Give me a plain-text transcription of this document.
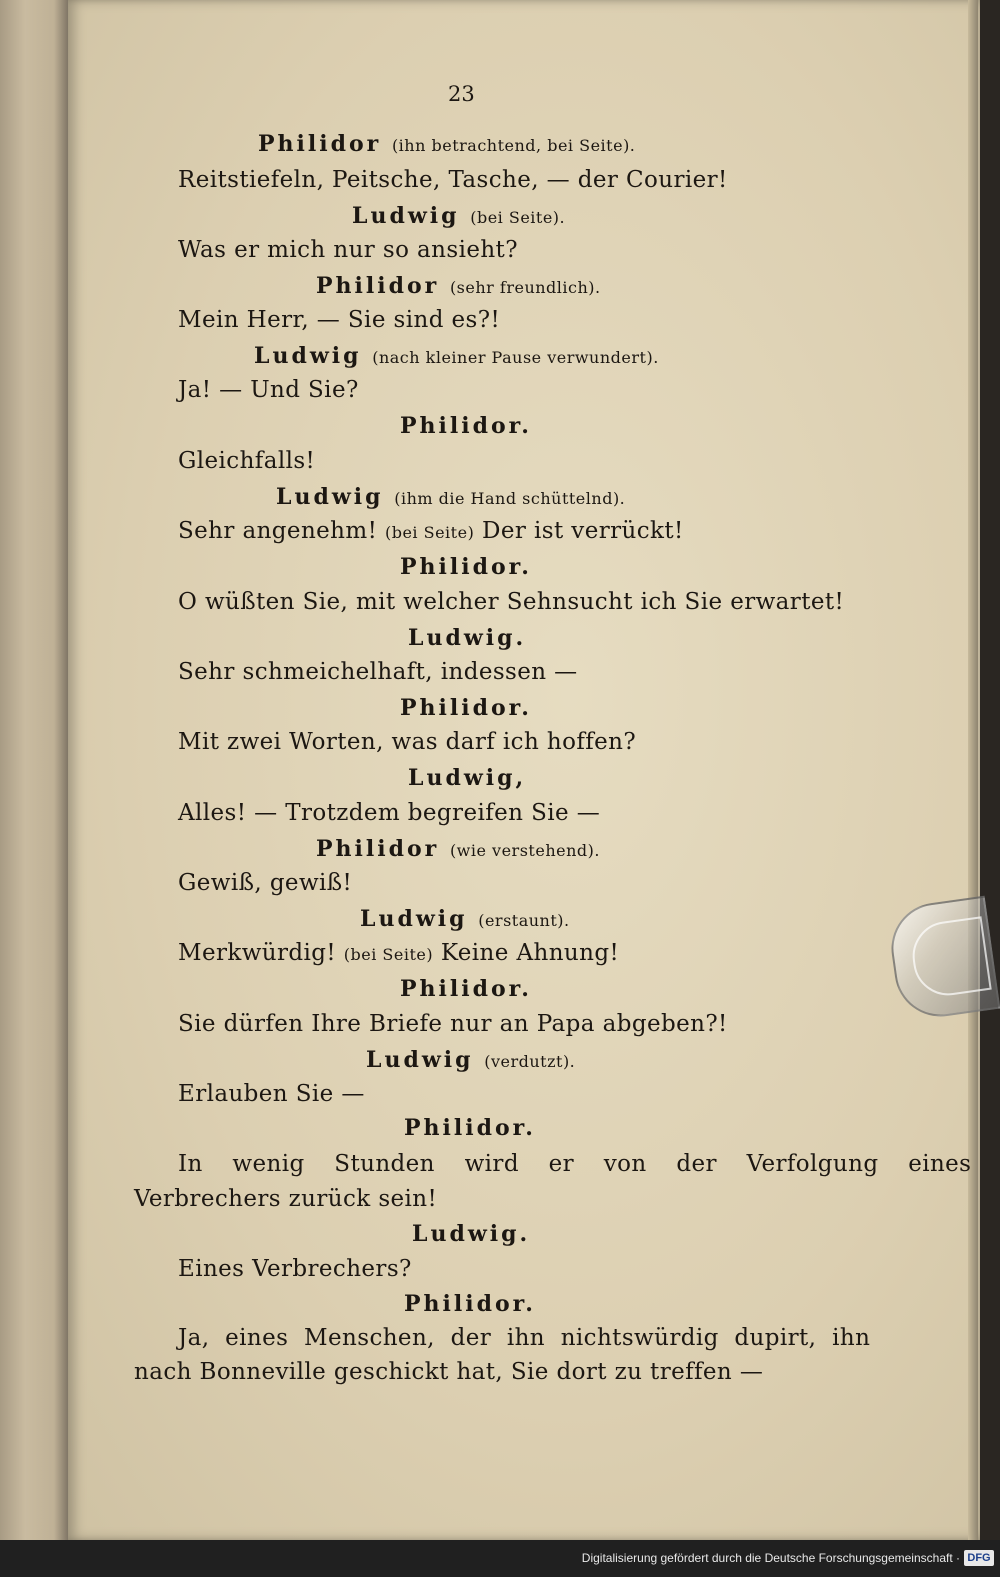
23
Philidor (ihn betrachtend, bei Seite).
Reitstiefeln, Peitsche, Tasche, — der Courier!
Ludwig (bei Seite).
Was er mich nur so ansieht?
Philidor (sehr freundlich).
Mein Herr, — Sie sind es?!
Ludwig (nach kleiner Pause verwundert).
Ja! — Und Sie?
Philidor.
Gleichfalls!
Ludwig (ihm die Hand schüttelnd).
Sehr angenehm! (bei Seite) Der ist verrückt!
Philidor.
O wüßten Sie, mit welcher Sehnsucht ich Sie erwartet!
Ludwig.
Sehr schmeichelhaft, indessen —
Philidor.
Mit zwei Worten, was darf ich hoffen?
Ludwig,
Alles! — Trotzdem begreifen Sie —
Philidor (wie verstehend).
Gewiß, gewiß!
Ludwig (erstaunt).
Merkwürdig! (bei Seite) Keine Ahnung!
Philidor.
Sie dürfen Ihre Briefe nur an Papa abgeben?!
Ludwig (verdutzt).
Erlauben Sie —
Philidor.
In wenig Stunden wird er von der Verfolgung eines
Verbrechers zurück sein!
Ludwig.
Eines Verbrechers?
Philidor.
Ja, eines Menschen, der ihn nichtswürdig dupirt, ihn
nach Bonneville geschickt hat, Sie dort zu treffen —
Digitalisierung gefördert durch die Deutsche Forschungsgemeinschaft · DFG
